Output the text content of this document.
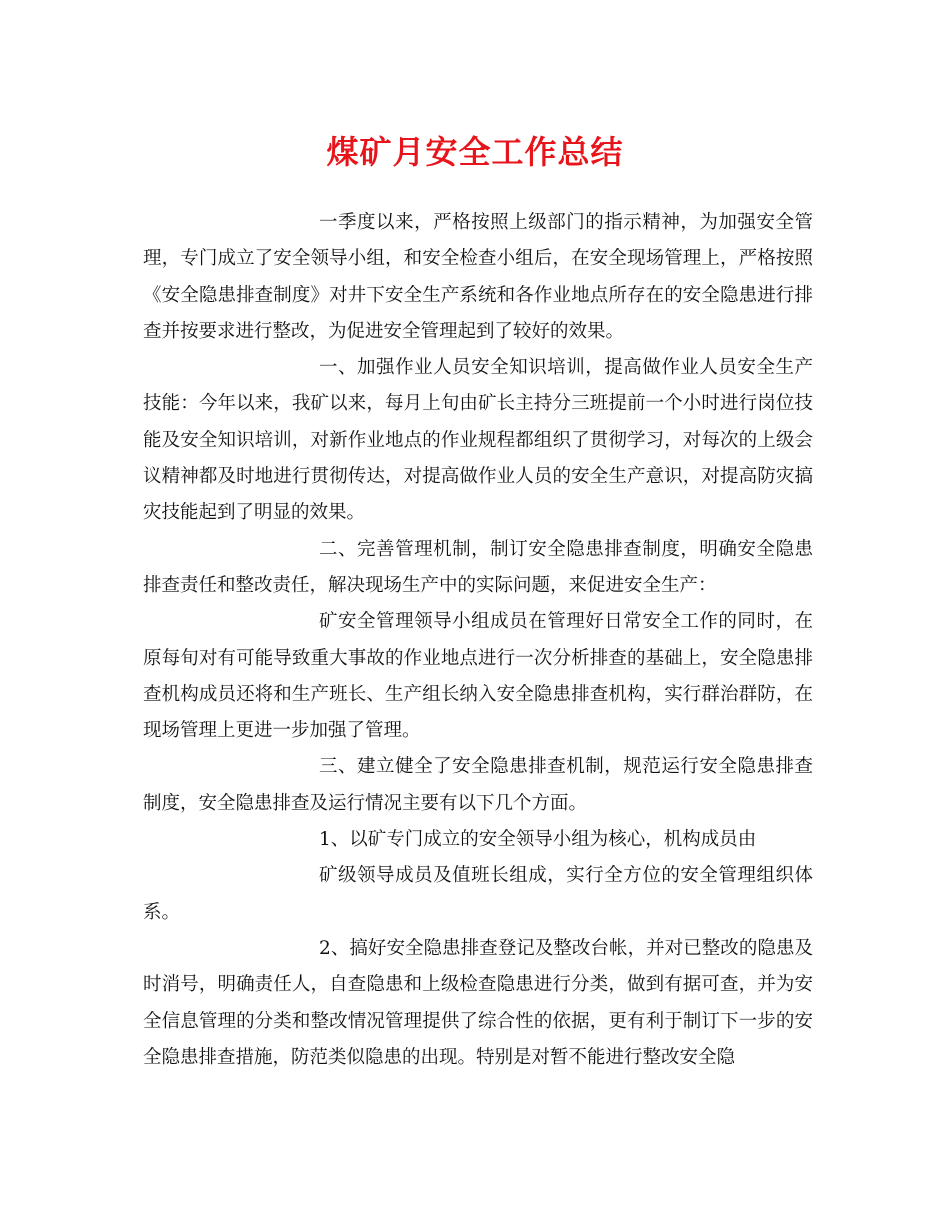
煤矿月安全工作总结

一季度以来，严格按照上级部门的指示精神，为加强安全管理，专门成立了安全领导小组，和安全检查小组后，在安全现场管理上，严格按照《安全隐患排查制度》对井下安全生产系统和各作业地点所存在的安全隐患进行排查并按要求进行整改，为促进安全管理起到了较好的效果。

一、加强作业人员安全知识培训，提高做作业人员安全生产技能：今年以来，我矿以来，每月上旬由矿长主持分三班提前一个小时进行岗位技能及安全知识培训，对新作业地点的作业规程都组织了贯彻学习，对每次的上级会议精神都及时地进行贯彻传达，对提高做作业人员的安全生产意识，对提高防灾搞灾技能起到了明显的效果。

二、完善管理机制，制订安全隐患排查制度，明确安全隐患排查责任和整改责任，解决现场生产中的实际问题，来促进安全生产：

矿安全管理领导小组成员在管理好日常安全工作的同时，在原每旬对有可能导致重大事故的作业地点进行一次分析排查的基础上，安全隐患排查机构成员还将和生产班长、生产组长纳入安全隐患排查机构，实行群治群防，在现场管理上更进一步加强了管理。

三、建立健全了安全隐患排查机制，规范运行安全隐患排查制度，安全隐患排查及运行情况主要有以下几个方面。

1、以矿专门成立的安全领导小组为核心，机构成员由

矿级领导成员及值班长组成，实行全方位的安全管理组织体系。

2、搞好安全隐患排查登记及整改台帐，并对已整改的隐患及时消号，明确责任人，自查隐患和上级检查隐患进行分类，做到有据可查，并为安全信息管理的分类和整改情况管理提供了综合性的依据，更有利于制订下一步的安全隐患排查措施，防范类似隐患的出现。特别是对暂不能进行整改安全隐
